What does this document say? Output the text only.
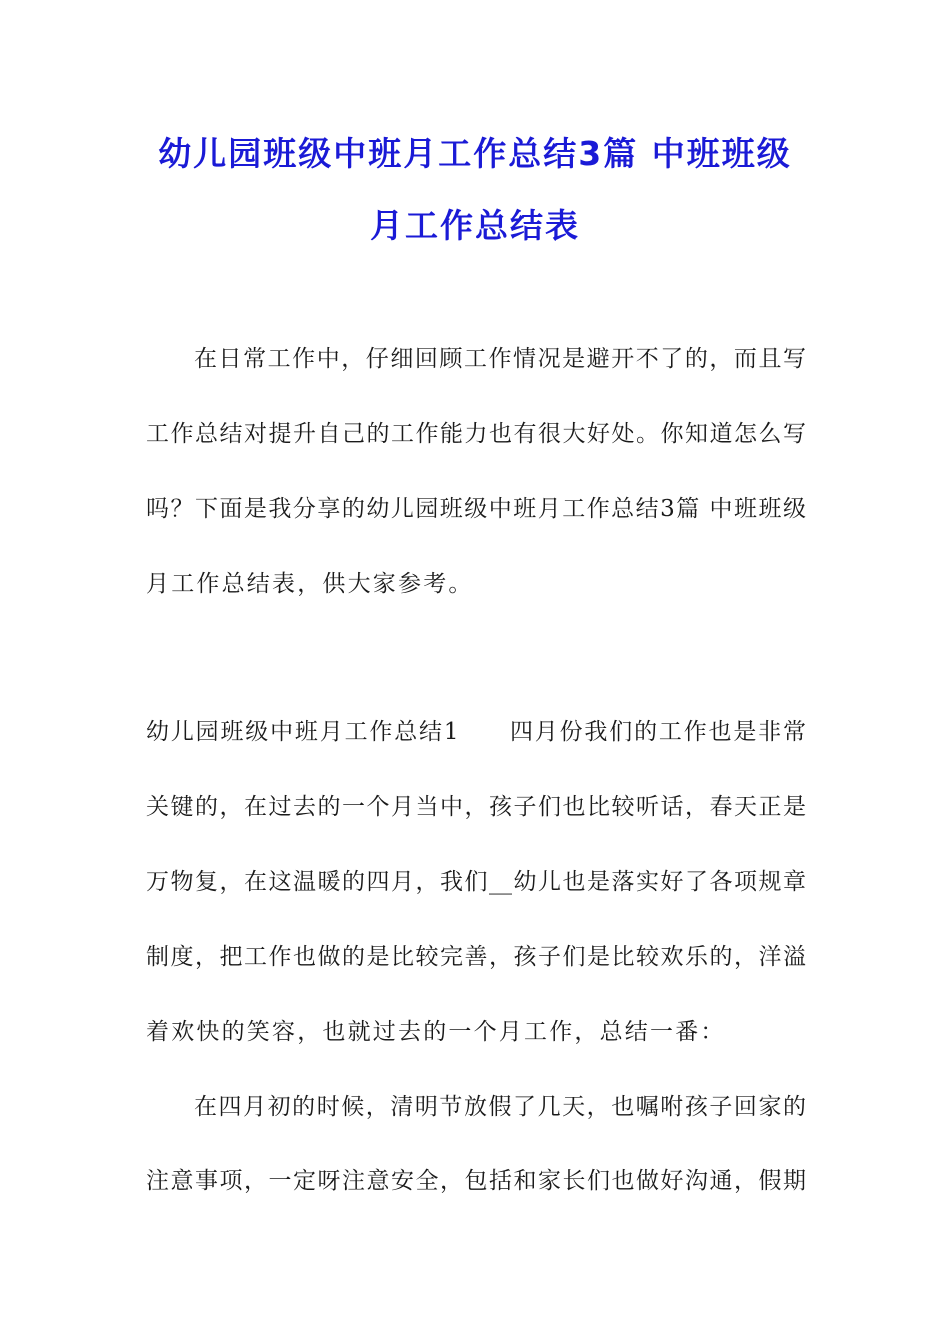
幼儿园班级中班月工作总结3篇 中班班级
月工作总结表
在日常工作中，仔细回顾工作情况是避开不了的，而且写
工作总结对提升自己的工作能力也有很大好处。你知道怎么写
吗？下面是我分享的幼儿园班级中班月工作总结3篇 中班班级
月工作总结表，供大家参考。
幼儿园班级中班月工作总结1　　四月份我们的工作也是非常
关键的，在过去的一个月当中，孩子们也比较听话，春天正是
万物复，在这温暖的四月，我们__幼儿也是落实好了各项规章
制度，把工作也做的是比较完善，孩子们是比较欢乐的，洋溢
着欢快的笑容，也就过去的一个月工作，总结一番：
在四月初的时候，清明节放假了几天，也嘱咐孩子回家的
注意事项，一定呀注意安全，包括和家长们也做好沟通，假期
